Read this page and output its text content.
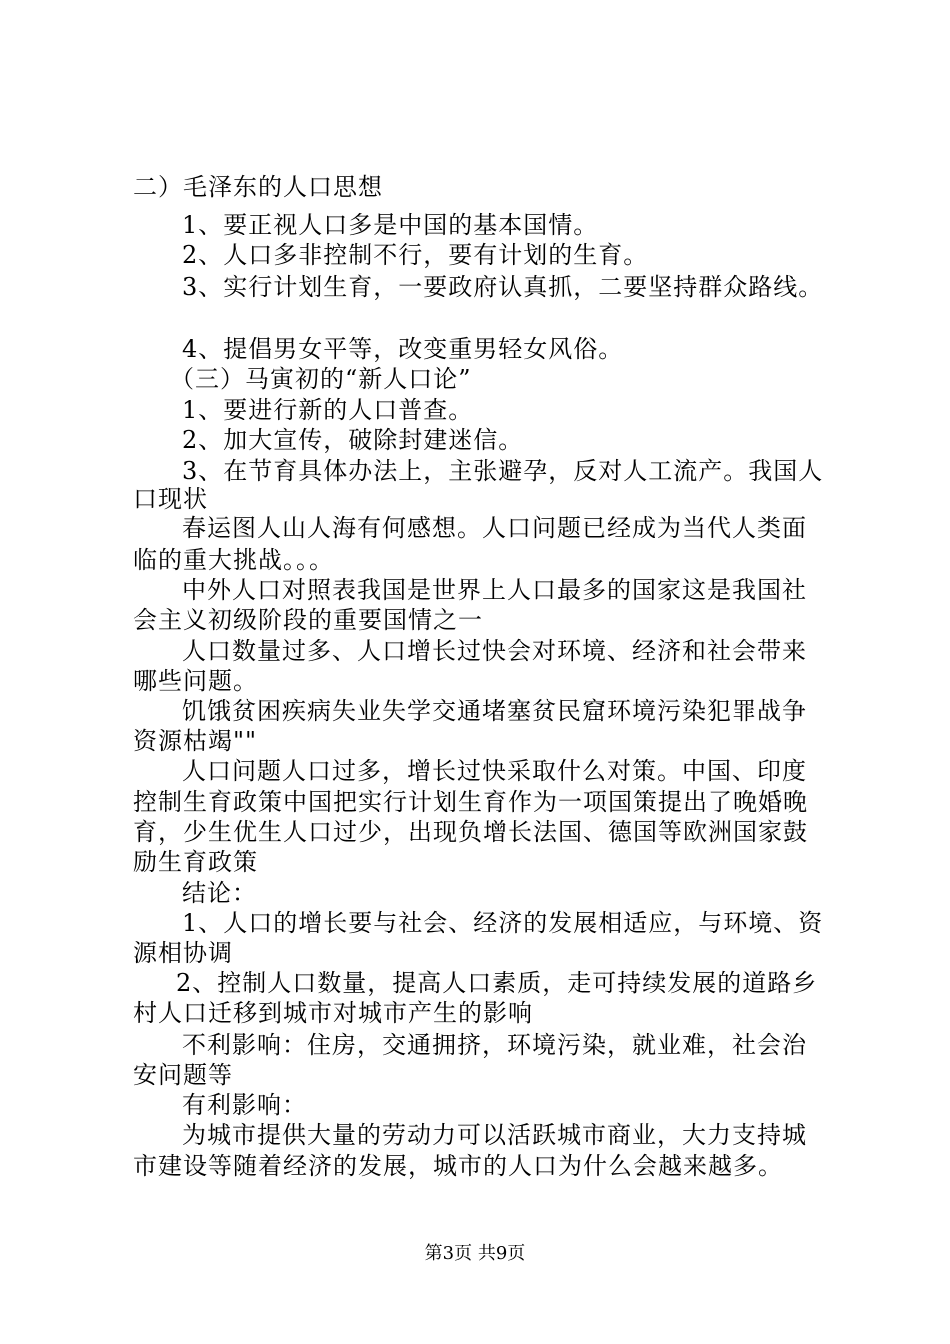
二）毛泽东的人口思想
1、要正视人口多是中国的基本国情。
2、人口多非控制不行，要有计划的生育。
3、实行计划生育，一要政府认真抓，二要坚持群众路线。
4、提倡男女平等，改变重男轻女风俗。
（三）马寅初的“新人口论”
1、要进行新的人口普查。
2、加大宣传，破除封建迷信。
3、在节育具体办法上，主张避孕，反对人工流产。我国人
口现状
春运图人山人海有何感想。人口问题已经成为当代人类面
临的重大挑战。。。
中外人口对照表我国是世界上人口最多的国家这是我国社
会主义初级阶段的重要国情之一
人口数量过多、人口增长过快会对环境、经济和社会带来
哪些问题。
饥饿贫困疾病失业失学交通堵塞贫民窟环境污染犯罪战争
资源枯竭""
人口问题人口过多，增长过快采取什么对策。中国、印度
控制生育政策中国把实行计划生育作为一项国策提出了晚婚晚
育，少生优生人口过少，出现负增长法国、德国等欧洲国家鼓
励生育政策
结论：
1、人口的增长要与社会、经济的发展相适应，与环境、资
源相协调
2、控制人口数量，提高人口素质，走可持续发展的道路乡
村人口迁移到城市对城市产生的影响
不利影响：住房，交通拥挤，环境污染，就业难，社会治
安问题等
有利影响：
为城市提供大量的劳动力可以活跃城市商业，大力支持城
市建设等随着经济的发展，城市的人口为什么会越来越多。
第3页 共9页
